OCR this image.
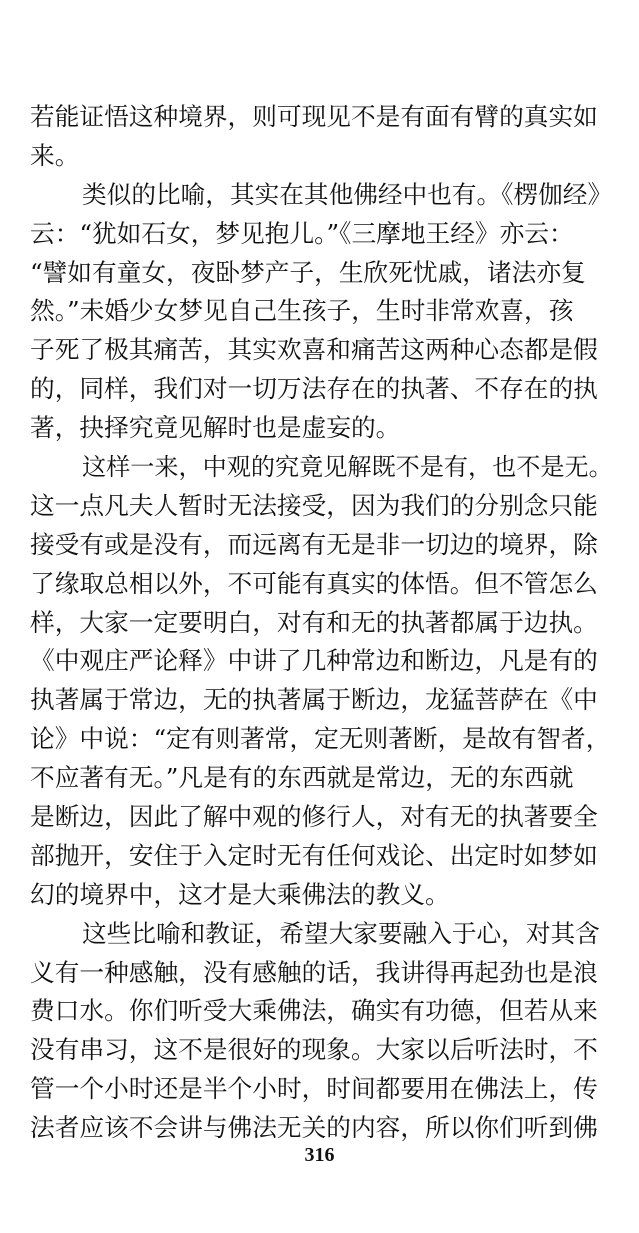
若能证悟这种境界，则可现见不是有面有臂的真实如
来。
类似的比喻，其实在其他佛经中也有。《楞伽经》
云：“犹如石女，梦见抱儿。”《三摩地王经》亦云：
“譬如有童女，夜卧梦产子，生欣死忧戚，诸法亦复
然。”未婚少女梦见自己生孩子，生时非常欢喜，孩
子死了极其痛苦，其实欢喜和痛苦这两种心态都是假
的，同样，我们对一切万法存在的执著、不存在的执
著，抉择究竟见解时也是虚妄的。
这样一来，中观的究竟见解既不是有，也不是无。
这一点凡夫人暂时无法接受，因为我们的分别念只能
接受有或是没有，而远离有无是非一切边的境界，除
了缘取总相以外，不可能有真实的体悟。但不管怎么
样，大家一定要明白，对有和无的执著都属于边执。
《中观庄严论释》中讲了几种常边和断边，凡是有的
执著属于常边，无的执著属于断边，龙猛菩萨在《中
论》中说：“定有则著常，定无则著断，是故有智者，
不应著有无。”凡是有的东西就是常边，无的东西就
是断边，因此了解中观的修行人，对有无的执著要全
部抛开，安住于入定时无有任何戏论、出定时如梦如
幻的境界中，这才是大乘佛法的教义。
这些比喻和教证，希望大家要融入于心，对其含
义有一种感触，没有感触的话，我讲得再起劲也是浪
费口水。你们听受大乘佛法，确实有功德，但若从来
没有串习，这不是很好的现象。大家以后听法时，不
管一个小时还是半个小时，时间都要用在佛法上，传
法者应该不会讲与佛法无关的内容，所以你们听到佛
316
